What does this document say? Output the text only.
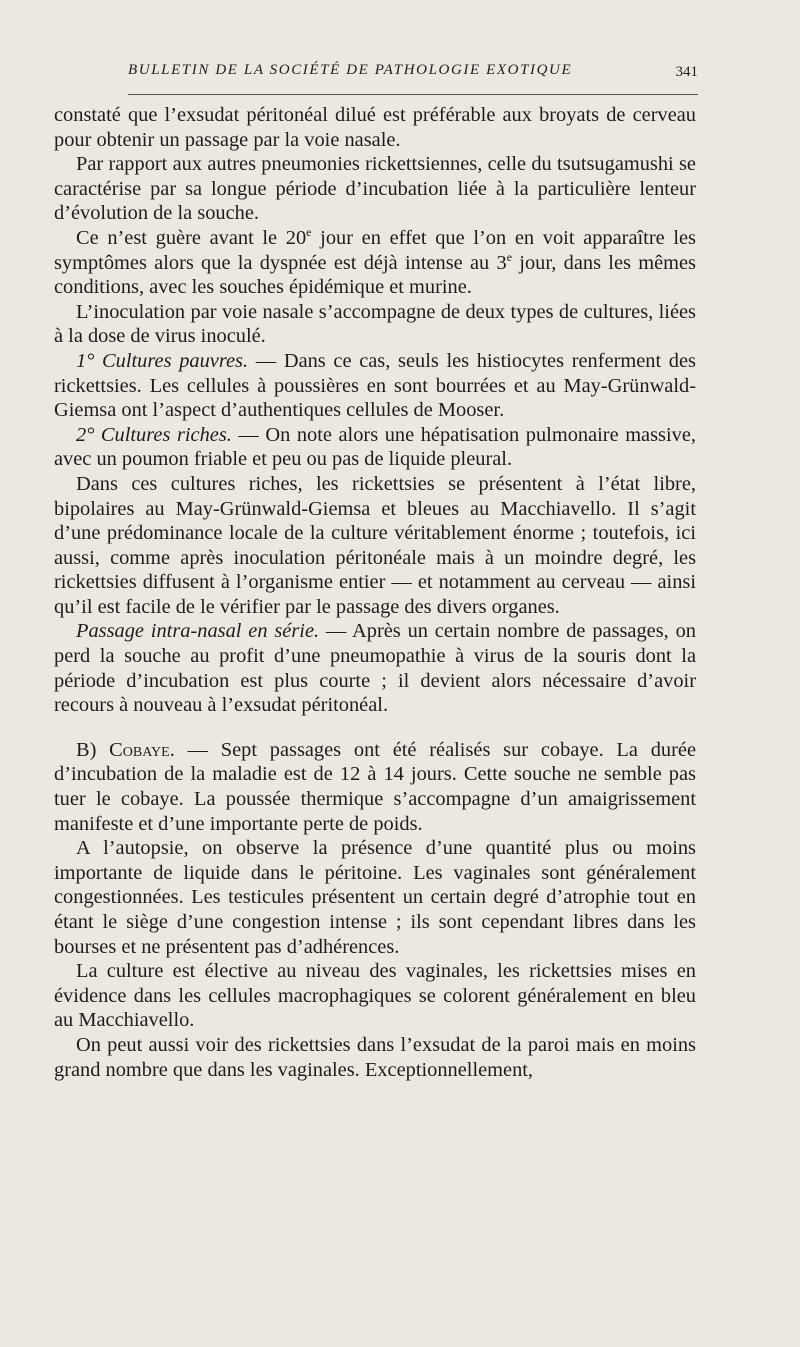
BULLETIN DE LA SOCIÉTÉ DE PATHOLOGIE EXOTIQUE	341

constaté que l’exsudat péritonéal dilué est préférable aux broyats de cerveau pour obtenir un passage par la voie nasale.

Par rapport aux autres pneumonies rickettsiennes, celle du tsutsugamushi se caractérise par sa longue période d’incubation liée à la particulière lenteur d’évolution de la souche.

Ce n’est guère avant le 20e jour en effet que l’on en voit apparaître les symptômes alors que la dyspnée est déjà intense au 3e jour, dans les mêmes conditions, avec les souches épidémique et murine.

L’inoculation par voie nasale s’accompagne de deux types de cultures, liées à la dose de virus inoculé.

1° Cultures pauvres. — Dans ce cas, seuls les histiocytes renferment des rickettsies. Les cellules à poussières en sont bourrées et au May-Grünwald-Giemsa ont l’aspect d’authentiques cellules de Mooser.

2° Cultures riches. — On note alors une hépatisation pulmonaire massive, avec un poumon friable et peu ou pas de liquide pleural.

Dans ces cultures riches, les rickettsies se présentent à l’état libre, bipolaires au May-Grünwald-Giemsa et bleues au Macchiavello. Il s’agit d’une prédominance locale de la culture véritablement énorme ; toutefois, ici aussi, comme après inoculation péritonéale mais à un moindre degré, les rickettsies diffusent à l’organisme entier — et notamment au cerveau — ainsi qu’il est facile de le vérifier par le passage des divers organes.

Passage intra-nasal en série. — Après un certain nombre de passages, on perd la souche au profit d’une pneumopathie à virus de la souris dont la période d’incubation est plus courte ; il devient alors nécessaire d’avoir recours à nouveau à l’exsudat péritonéal.

B) Cobaye. — Sept passages ont été réalisés sur cobaye. La durée d’incubation de la maladie est de 12 à 14 jours. Cette souche ne semble pas tuer le cobaye. La poussée thermique s’accompagne d’un amaigrissement manifeste et d’une importante perte de poids.

A l’autopsie, on observe la présence d’une quantité plus ou moins importante de liquide dans le péritoine. Les vaginales sont généralement congestionnées. Les testicules présentent un certain degré d’atrophie tout en étant le siège d’une congestion intense ; ils sont cependant libres dans les bourses et ne présentent pas d’adhérences.

La culture est élective au niveau des vaginales, les rickettsies mises en évidence dans les cellules macrophagiques se colorent généralement en bleu au Macchiavello.

On peut aussi voir des rickettsies dans l’exsudat de la paroi mais en moins grand nombre que dans les vaginales. Exceptionnellement,
